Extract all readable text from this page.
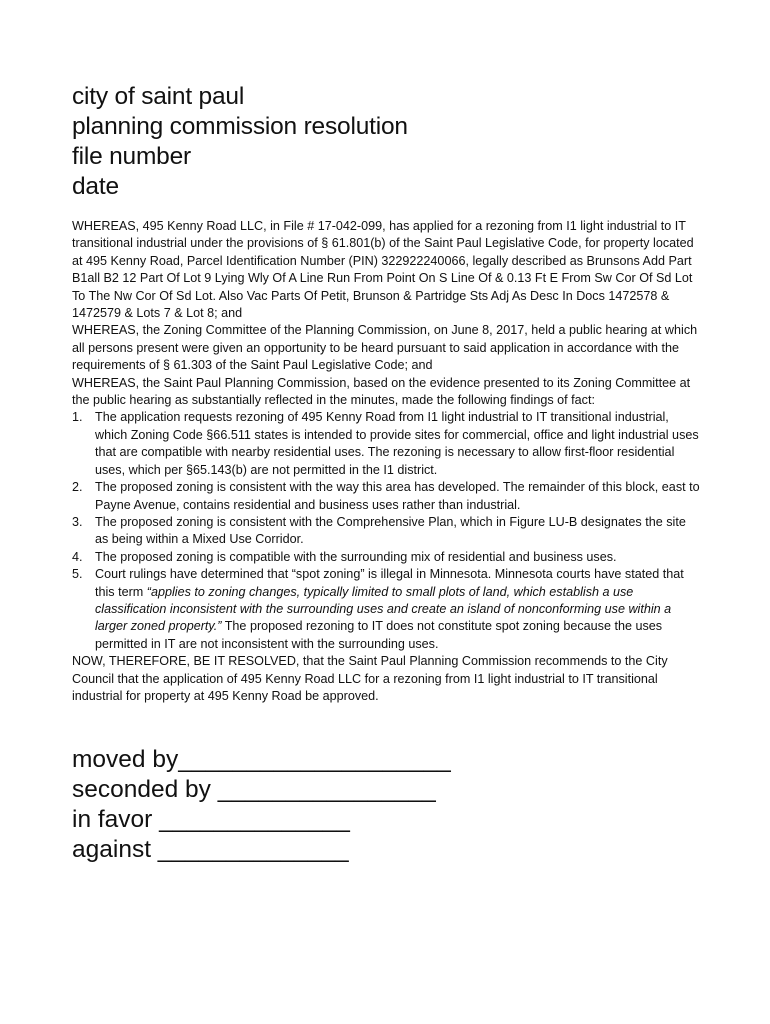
city of saint paul
planning commission resolution
file number
date

WHEREAS, 495 Kenny Road LLC, in File # 17-042-099, has applied for a rezoning from I1 light industrial to IT transitional industrial under the provisions of § 61.801(b) of the Saint Paul Legislative Code, for property located at 495 Kenny Road, Parcel Identification Number (PIN) 322922240066, legally described as Brunsons Add Part B1all B2 12 Part Of Lot 9 Lying Wly Of A Line Run From Point On S Line Of & 0.13 Ft E From Sw Cor Of Sd Lot To The Nw Cor Of Sd Lot. Also Vac Parts Of Petit, Brunson & Partridge Sts Adj As Desc In Docs 1472578 & 1472579 & Lots 7 & Lot 8; and

WHEREAS, the Zoning Committee of the Planning Commission, on June 8, 2017, held a public hearing at which all persons present were given an opportunity to be heard pursuant to said application in accordance with the requirements of § 61.303 of the Saint Paul Legislative Code; and

WHEREAS, the Saint Paul Planning Commission, based on the evidence presented to its Zoning Committee at the public hearing as substantially reflected in the minutes, made the following findings of fact:

1. The application requests rezoning of 495 Kenny Road from I1 light industrial to IT transitional industrial, which Zoning Code §66.511 states is intended to provide sites for commercial, office and light industrial uses that are compatible with nearby residential uses. The rezoning is necessary to allow first-floor residential uses, which per §65.143(b) are not permitted in the I1 district.
2. The proposed zoning is consistent with the way this area has developed. The remainder of this block, east to Payne Avenue, contains residential and business uses rather than industrial.
3. The proposed zoning is consistent with the Comprehensive Plan, which in Figure LU-B designates the site as being within a Mixed Use Corridor.
4. The proposed zoning is compatible with the surrounding mix of residential and business uses.
5. Court rulings have determined that “spot zoning” is illegal in Minnesota. Minnesota courts have stated that this term “applies to zoning changes, typically limited to small plots of land, which establish a use classification inconsistent with the surrounding uses and create an island of nonconforming use within a larger zoned property.” The proposed rezoning to IT does not constitute spot zoning because the uses permitted in IT are not inconsistent with the surrounding uses.

NOW, THEREFORE, BE IT RESOLVED, that the Saint Paul Planning Commission recommends to the City Council that the application of 495 Kenny Road LLC for a rezoning from I1 light industrial to IT transitional industrial for property at 495 Kenny Road be approved.

moved by____________________
seconded by ________________
in favor ______________
against ______________
